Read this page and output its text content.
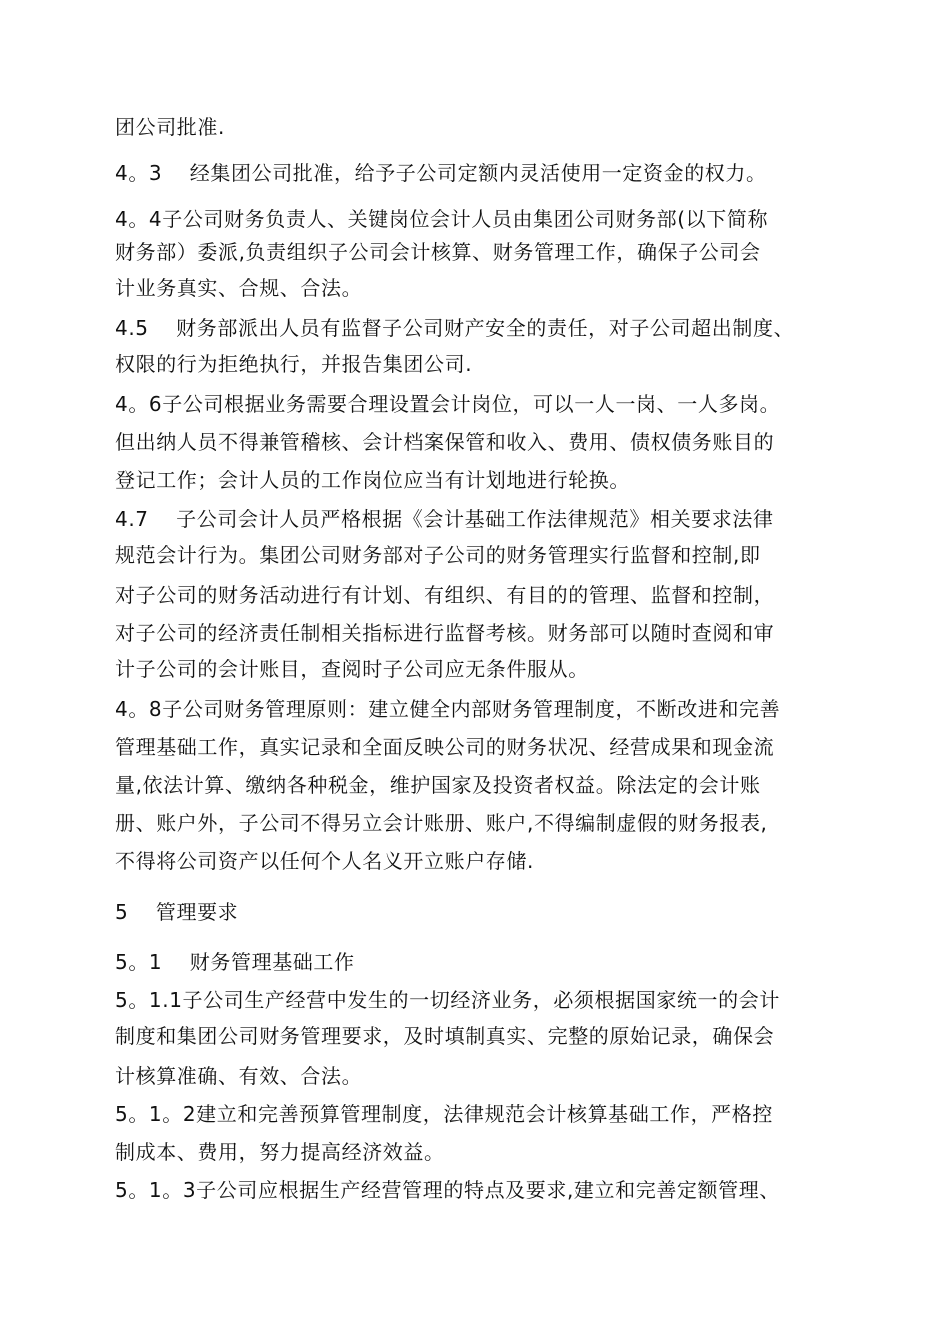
团公司批准.
4。3　 经集团公司批准，给予子公司定额内灵活使用一定资金的权力。
4。4子公司财务负责人、关键岗位会计人员由集团公司财务部(以下简称
财务部）委派,负责组织子公司会计核算、财务管理工作，确保子公司会
计业务真实、合规、合法。
4.5　 财务部派出人员有监督子公司财产安全的责任，对子公司超出制度、
权限的行为拒绝执行，并报告集团公司.
4。6子公司根据业务需要合理设置会计岗位，可以一人一岗、一人多岗。
但出纳人员不得兼管稽核、会计档案保管和收入、费用、债权债务账目的
登记工作；会计人员的工作岗位应当有计划地进行轮换。
4.7　 子公司会计人员严格根据《会计基础工作法律规范》相关要求法律
规范会计行为。集团公司财务部对子公司的财务管理实行监督和控制,即
对子公司的财务活动进行有计划、有组织、有目的的管理、监督和控制，
对子公司的经济责任制相关指标进行监督考核。财务部可以随时查阅和审
计子公司的会计账目，查阅时子公司应无条件服从。
4。8子公司财务管理原则：建立健全内部财务管理制度，不断改进和完善
管理基础工作，真实记录和全面反映公司的财务状况、经营成果和现金流
量,依法计算、缴纳各种税金，维护国家及投资者权益。除法定的会计账
册、账户外，子公司不得另立会计账册、账户,不得编制虚假的财务报表,
不得将公司资产以任何个人名义开立账户存储.
5　 管理要求
5。1　 财务管理基础工作
5。1.1子公司生产经营中发生的一切经济业务，必须根据国家统一的会计
制度和集团公司财务管理要求，及时填制真实、完整的原始记录，确保会
计核算准确、有效、合法。
5。1。2建立和完善预算管理制度，法律规范会计核算基础工作，严格控
制成本、费用，努力提高经济效益。
5。1。3子公司应根据生产经营管理的特点及要求,建立和完善定额管理、
